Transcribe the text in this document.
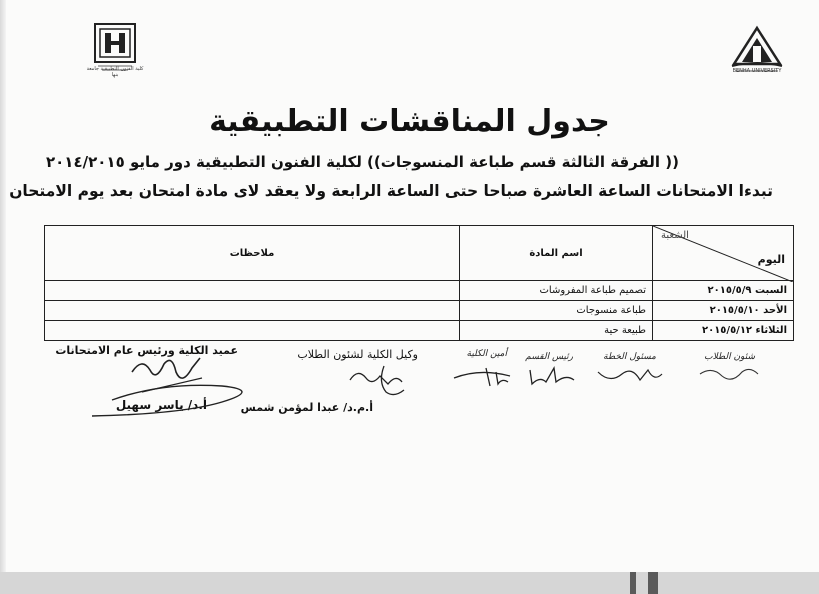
كلية الفنون التطبيقية جامعة بنها
BENHA UNIVERSITY
جدول المناقشات التطبيقية
(( الفرقة الثالثة قسم طباعة المنسوجات)) لكلية الفنون التطبيقية دور مايو ٢٠١٤/٢٠١٥
تبدءا الامتحانات الساعة العاشرة صباحا حتى الساعة الرابعة ولا يعقد لاى مادة امتحان بعد يوم الامتحان
الشعبة
اليوم	اسم المادة	ملاحظات
السبت ٢٠١٥/٥/٩	تصميم طباعة المفروشات	
الأحد ٢٠١٥/٥/١٠	طباعة منسوجات	
الثلاثاء ٢٠١٥/٥/١٢	طبيعة حية	
عميد الكلية ورئيس عام الامتحانات
أ.د/ ياسر سهيل
وكيل الكلية لشئون الطلاب
أ.م.د/ عبدا لمؤمن شمس
أمين الكلية رئيس القسم	مسئول الخطة	شئون الطلاب
